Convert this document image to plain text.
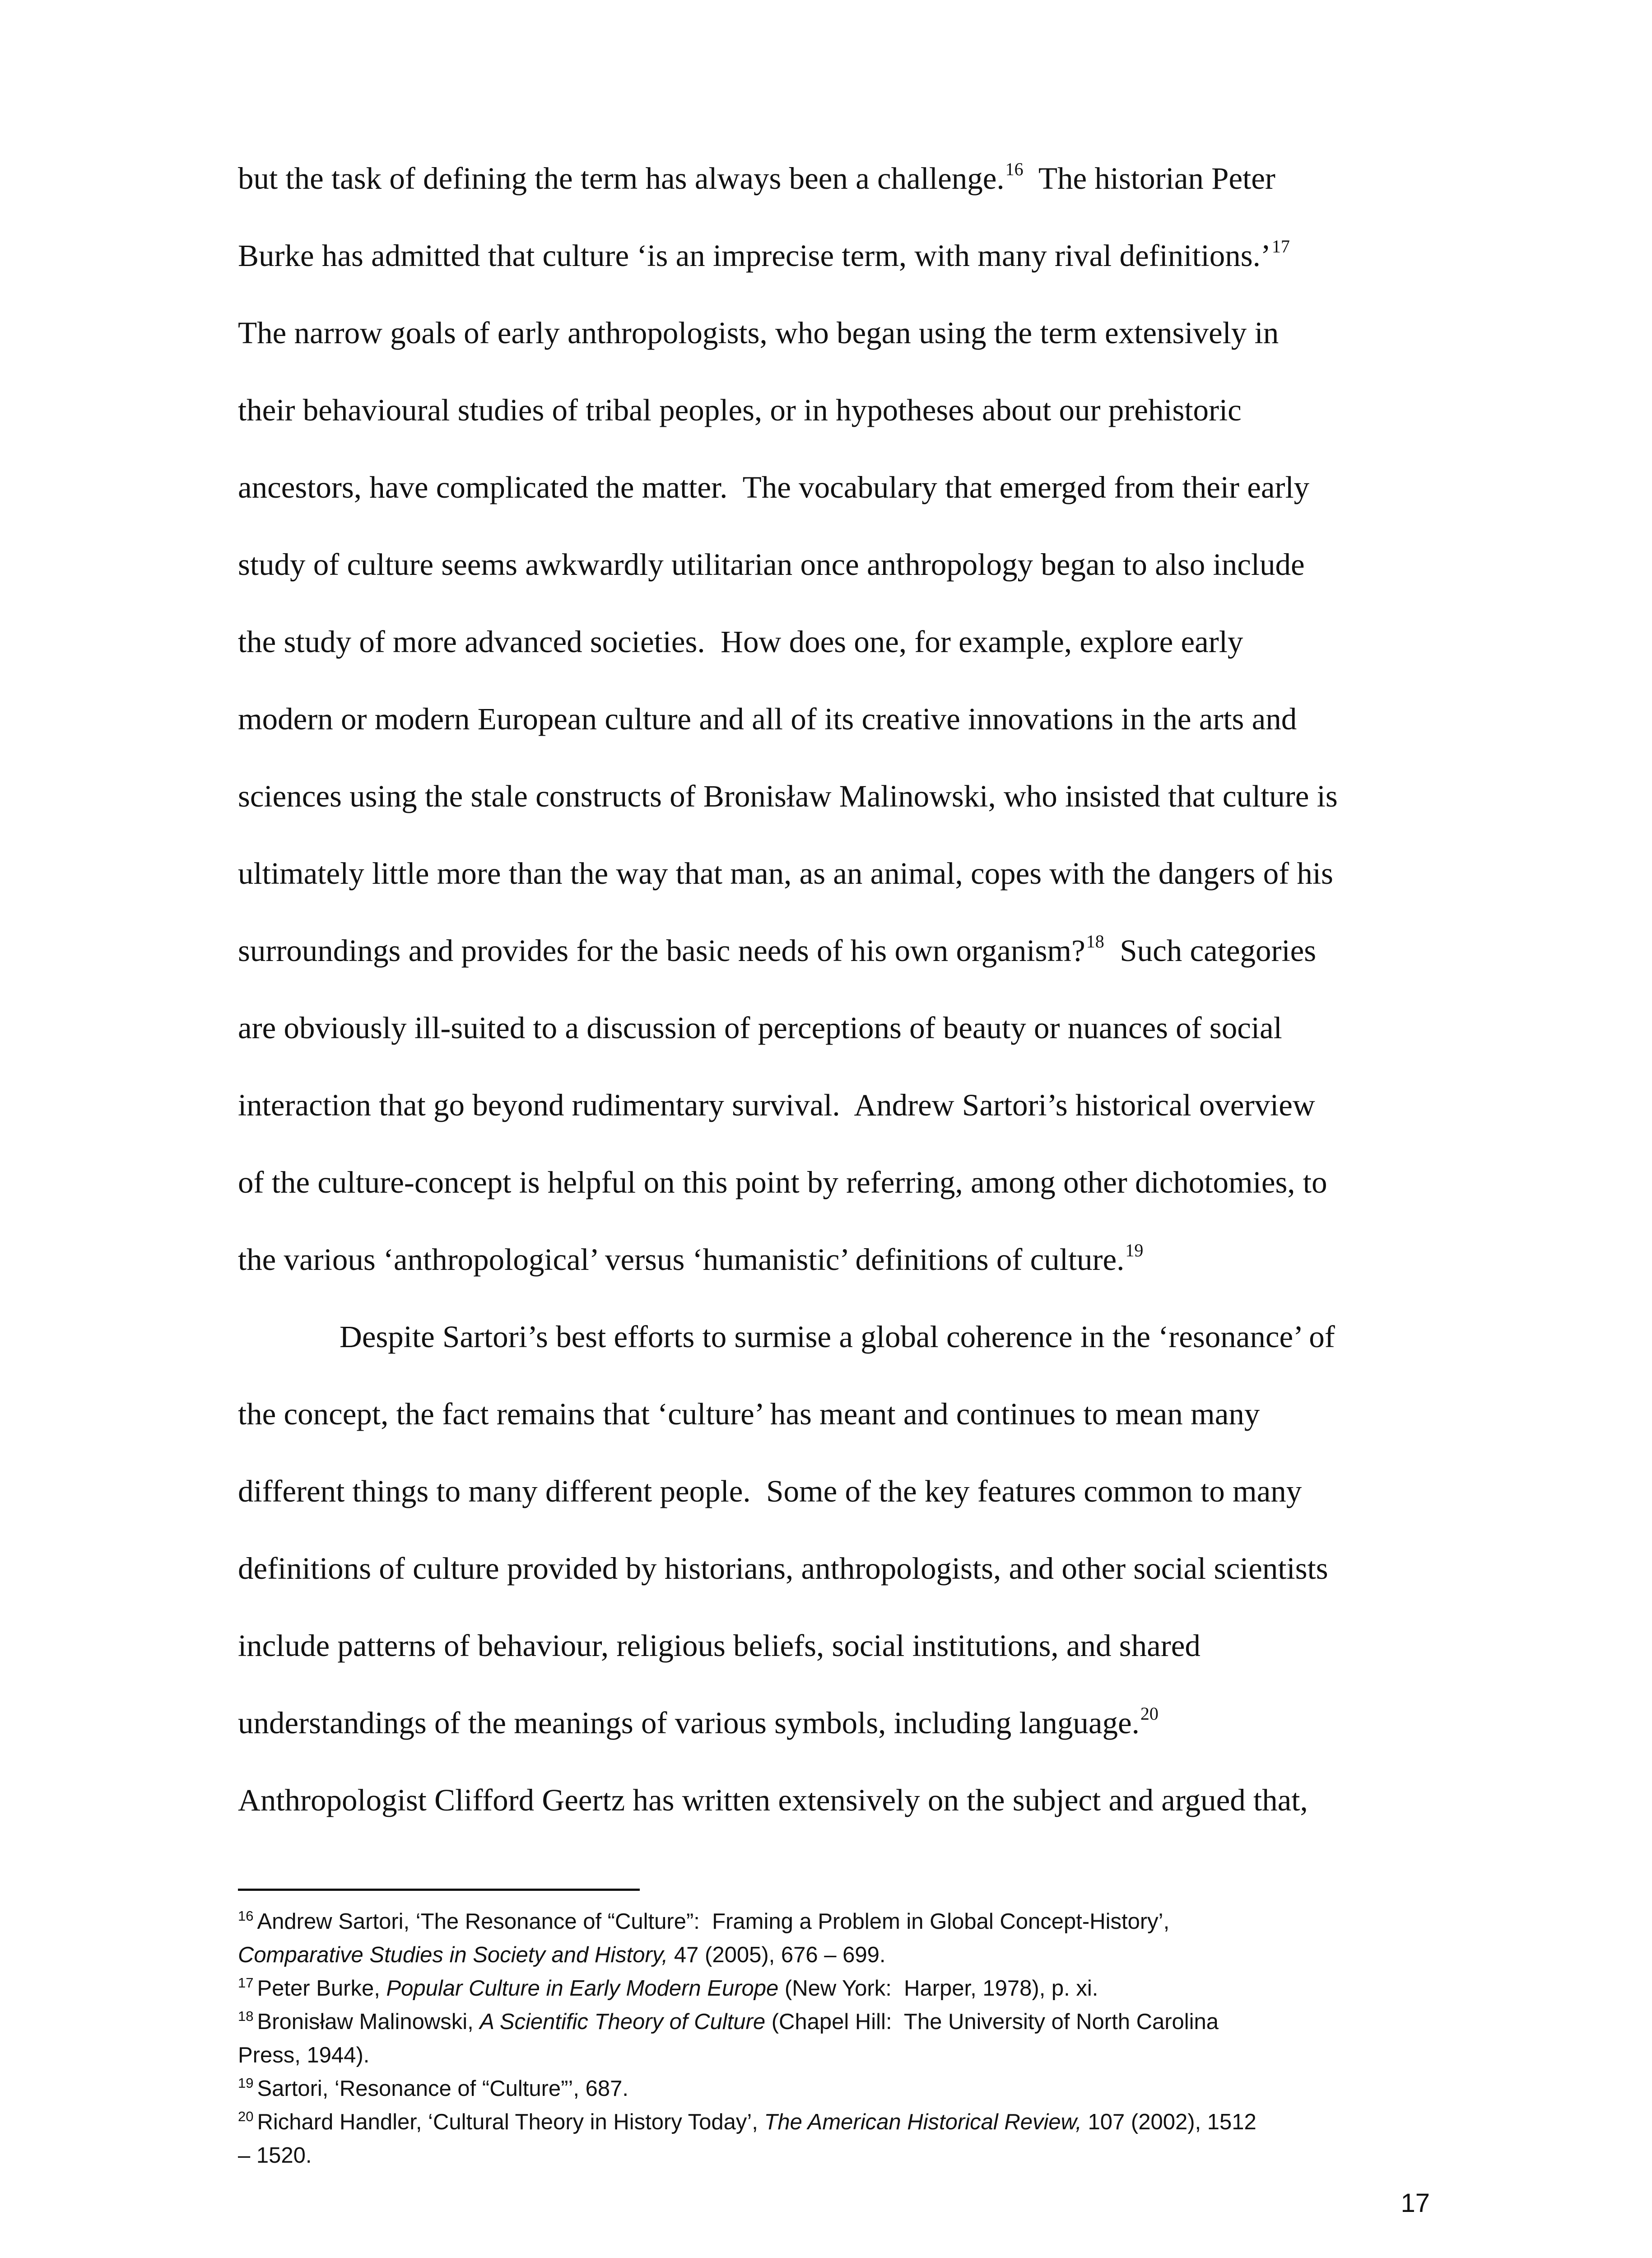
but the task of defining the term has always been a challenge.$^{16}$  The historian Peter
Burke has admitted that culture ‘is an imprecise term, with many rival definitions.’$^{17}$
The narrow goals of early anthropologists, who began using the term extensively in
their behavioural studies of tribal peoples, or in hypotheses about our prehistoric
ancestors, have complicated the matter.  The vocabulary that emerged from their early
study of culture seems awkwardly utilitarian once anthropology began to also include
the study of more advanced societies.  How does one, for example, explore early
modern or modern European culture and all of its creative innovations in the arts and
sciences using the stale constructs of Bronisław Malinowski, who insisted that culture is
ultimately little more than the way that man, as an animal, copes with the dangers of his
surroundings and provides for the basic needs of his own organism?$^{18}$  Such categories
are obviously ill-suited to a discussion of perceptions of beauty or nuances of social
interaction that go beyond rudimentary survival.  Andrew Sartori’s historical overview
of the culture-concept is helpful on this point by referring, among other dichotomies, to
the various ‘anthropological’ versus ‘humanistic’ definitions of culture.$^{19}$
Despite Sartori’s best efforts to surmise a global coherence in the ‘resonance’ of
the concept, the fact remains that ‘culture’ has meant and continues to mean many
different things to many different people.  Some of the key features common to many
definitions of culture provided by historians, anthropologists, and other social scientists
include patterns of behaviour, religious beliefs, social institutions, and shared
understandings of the meanings of various symbols, including language.$^{20}$
Anthropologist Clifford Geertz has written extensively on the subject and argued that,
$^{16}$ Andrew Sartori, ‘The Resonance of “Culture”:  Framing a Problem in Global Concept-History’,
Comparative Studies in Society and History, 47 (2005), 676 – 699.
$^{17}$ Peter Burke, Popular Culture in Early Modern Europe (New York:  Harper, 1978), p. xi.
$^{18}$ Bronisław Malinowski, A Scientific Theory of Culture (Chapel Hill:  The University of North Carolina
Press, 1944).
$^{19}$ Sartori, ‘Resonance of “Culture”’, 687.
$^{20}$ Richard Handler, ‘Cultural Theory in History Today’, The American Historical Review, 107 (2002), 1512
– 1520.
17
